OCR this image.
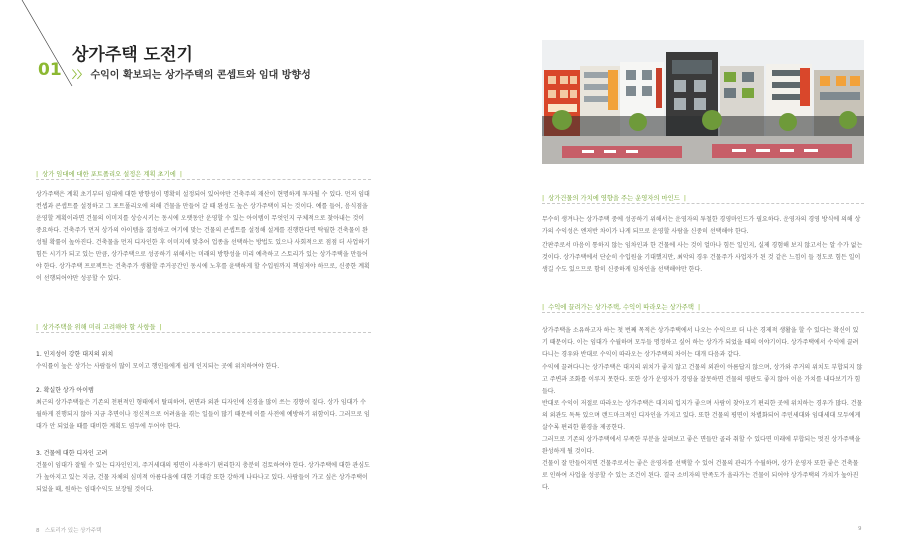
01
상가주택 도전기
〉〉 수익이 확보되는 상가주택의 콘셉트와 임대 방향성
| 상가 임대에 대한 포트폴리오 설정은 계획 초기에 |
상가주택은 계획 초기부터 임대에 대한 방향성이 명확히 설정되어 있어야만 건축주의 재산이 현명하게 투자될 수 있다. 먼저 임대컨셉과 콘셉트를 설정하고 그 포트폴리오에 의해 건물을 만들어 갈 때 완성도 높은 상가주택이 되는 것이다. 예를 들어, 음식점을 운영할 계획이라면 건물의 이미지를 상승시키는 동시에 오랫동안 운영할 수 있는 아이템이 무엇인지 구체적으로 찾아내는 것이 중요하다. 건축주가 먼저 상가의 아이템을 결정하고 여기에 맞는 건물의 콘셉트를 설정해 설계를 진행한다면 탁월한 건축물이 완성될 확률이 높아진다. 건축물을 먼저 디자인한 후 이미지에 맞추어 업종을 선택하는 방법도 있으나 사회적으로 점점 더 사업하기 힘든 시기가 되고 있는 만큼, 상가주택으로 성공하기 위해서는 미래의 방향성을 미리 예측하고 스토리가 있는 상가주택을 만들어야 한다. 상가주택 프로젝트는 건축주가 생활할 주거공간인 동시에 노후를 윤택하게 할 수입원까지 책임져야 하므로, 신중한 계획이 선행되어야만 성공할 수 있다.
| 상가주택을 위해 미리 고려해야 할 사항들 |
1. 인지성이 강한 대지의 위치
수익률이 높은 상가는 사람들이 많이 모이고 행인들에게 쉽게 인지되는 곳에 위치하여야 한다.
2. 확실한 상가 아이템
최근의 상가주택들은 기존의 천편적인 형태에서 탈피하여, 편면과 외관 디자인에 신경을 많이 쓰는 경향이 짙다. 상가 임대가 수월하게 진행되지 않아 지금 추면이나 정신적으로 어려움을 겪는 일들이 많기 때문에 이를 사전에 예방하기 위함이다. 그러므로 임대가 안 되었을 때를 대비한 계획도 염두에 두어야 한다.
3. 건물에 대한 디자인 고려
건물이 임대가 잘될 수 있는 디자인인지, 주거세대의 평면이 사용하기 편리한지 충분히 검토하여야 한다. 상가주택에 대한 관심도가 높아지고 있는 지금, 건물 자체의 심미적 아름다움에 대한 기대감 또한 강하게 나타나고 있다. 사람들이 가고 싶은 상가주택이 되었을 때, 원하는 임대수익도 보장될 것이다.
8 스토리가 있는 상가주택
| 상가건물의 가치에 영향을 주는 운영자의 마인드 |
무수히 생겨나는 상가주택 중에 성공하기 위해서는 운영자의 투철한 경영마인드가 필요하다. 운영자의 경영 방식에 의해 상가의 수익성은 엔저반 차이가 나게 되므로 운영할 사람을 신중히 선택해야 한다.
간판주로서 마음이 통하지 않는 임차인과 한 건물에 사는 것이 얼마나 힘든 일인지, 실제 경험해 보지 않고서는 알 수가 없는 것이다. 상가주택에서 단순히 수입원을 기대했지만, 최악의 경우 건물주가 사업자가 된 것 같은 느낌이 들 정도로 힘든 일이 생길 수도 있으므로 함히 신중하게 임차인을 선택해야만 한다.
| 수익에 끌려가는 상가주택, 수익이 따라오는 상가주택 |
상가주택을 소유하고자 하는 첫 번째 목적은 상가주택에서 나오는 수익으로 더 나은 경제적 생활을 할 수 있다는 확신이 있기 때문이다. 이는 임대가 수월하며 모두들 명정하고 싶어 하는 상가가 되었을 때의 이야기이다. 상가주택에서 수익에 끌려다니는 경우와 반대로 수익이 따라오는 상가주택의 차이는 대개 다음과 같다.
수익에 끌려다니는 상가주택은 대지의 위치가 좋지 않고 건물의 외관이 아름답지 않으며, 상가와 주거의 위치도 부합되지 않고 주변과 조화를 이루지 못한다. 또한 상가 운영자가 경영을 잘못하면 건물의 평판도 좋지 않아 이윤 가치를 내다보기가 힘들다.
반대로 수익이 저절로 따라오는 상가주택은 대지의 입지가 좋으며 사람이 찾아오기 편리한 곳에 위치하는 경우가 많다. 건물의 외관도 독특 있으며 랜드마크적인 디자인을 가지고 있다. 또한 건물의 평면이 차별화되어 주민세대와 임대세대 모두에게 살수록 편리한 환경을 제공한다.
그러므로 기존의 상가주택에서 부족한 부분을 살펴보고 좋은 면들만 골라 취할 수 있다면 미래에 부합되는 멋진 상가주택을 완성하게 될 것이다.
건물이 잘 만들어지면 건물주로서는 좋은 운영자를 선택할 수 있어 건물의 관리가 수월하며, 상가 운영자 또한 좋은 건축물로 인하여 사업을 성공할 수 있는 조건이 된다. 결국 소비자의 만족도가 올라가는 건물이 되어야 상가주택의 가치가 높아진다.
9
